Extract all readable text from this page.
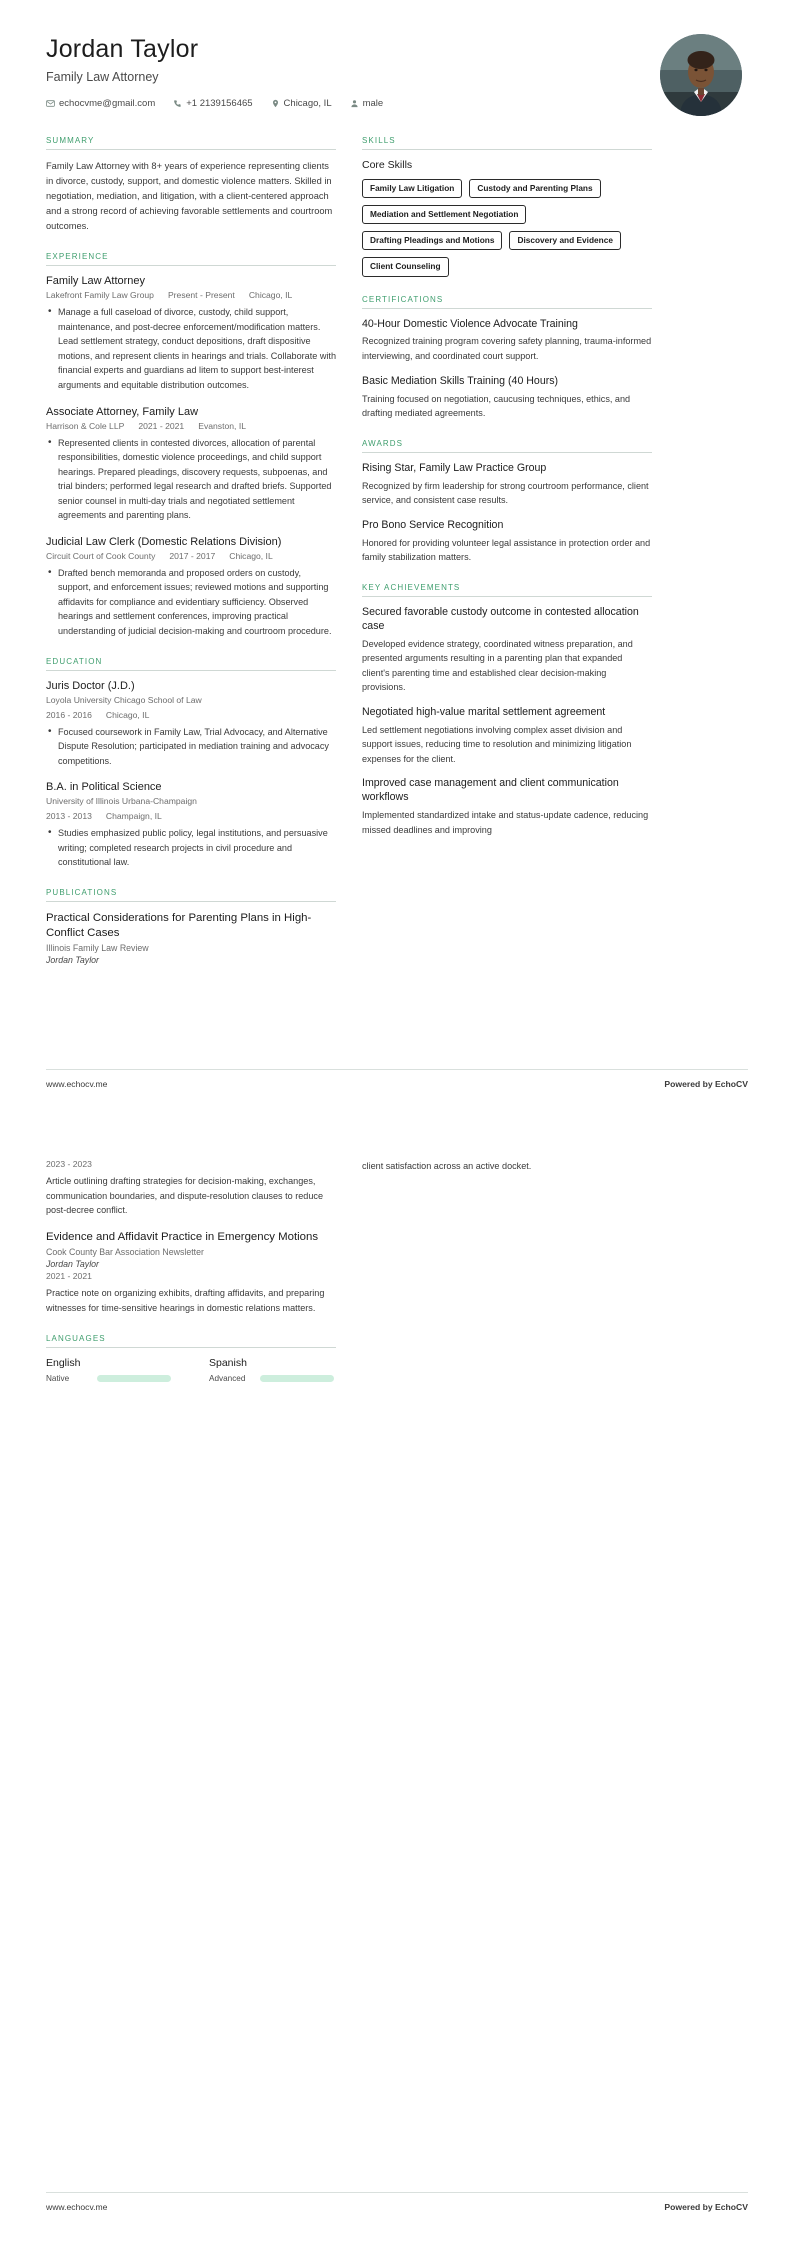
Jordan Taylor
Family Law Attorney
echocvme@gmail.com	+1 2139156465	Chicago, IL	male
SUMMARY

Family Law Attorney with 8+ years of experience representing clients in divorce, custody, support, and domestic violence matters. Skilled in negotiation, mediation, and litigation, with a client-centered approach and a strong record of achieving favorable settlements and courtroom outcomes.

EXPERIENCE
Family Law Attorney
Lakefront Family Law Group Present - Present Chicago, IL
• Manage a full caseload of divorce, custody, child support, maintenance, and post-decree enforcement/modification matters. Lead settlement strategy, conduct depositions, draft dispositive motions, and represent clients in hearings and trials. Collaborate with financial experts and guardians ad litem to support best-interest arguments and equitable distribution outcomes.
Associate Attorney, Family Law
Harrison & Cole LLP 2021 - 2021 Evanston, IL
• Represented clients in contested divorces, allocation of parental responsibilities, domestic violence proceedings, and child support hearings. Prepared pleadings, discovery requests, subpoenas, and trial binders; performed legal research and drafted briefs. Supported senior counsel in multi-day trials and negotiated settlement agreements and parenting plans.
Judicial Law Clerk (Domestic Relations Division)
Circuit Court of Cook County 2017 - 2017 Chicago, IL
• Drafted bench memoranda and proposed orders on custody, support, and enforcement issues; reviewed motions and supporting affidavits for compliance and evidentiary sufficiency. Observed hearings and settlement conferences, improving practical understanding of judicial decision-making and courtroom procedure.
EDUCATION
Juris Doctor (J.D.)
Loyola University Chicago School of Law
2016 - 2016 Chicago, IL
• Focused coursework in Family Law, Trial Advocacy, and Alternative Dispute Resolution; participated in mediation training and advocacy competitions.
B.A. in Political Science
University of Illinois Urbana-Champaign
2013 - 2013 Champaign, IL
• Studies emphasized public policy, legal institutions, and persuasive writing; completed research projects in civil procedure and constitutional law.
PUBLICATIONS
Practical Considerations for Parenting Plans in High-Conflict Cases
Illinois Family Law Review
Jordan Taylor
SKILLS
Core Skills
Family Law Litigation	Custody and Parenting Plans
Mediation and Settlement Negotiation
Drafting Pleadings and Motions	Discovery and Evidence
Client Counseling
CERTIFICATIONS
40-Hour Domestic Violence Advocate Training

Recognized training program covering safety planning, trauma-informed interviewing, and coordinated court support.

Basic Mediation Skills Training (40 Hours)

Training focused on negotiation, caucusing techniques, ethics, and drafting mediated agreements.

AWARDS
Rising Star, Family Law Practice Group

Recognized by firm leadership for strong courtroom performance, client service, and consistent case results.

Pro Bono Service Recognition

Honored for providing volunteer legal assistance in protection order and family stabilization matters.

KEY ACHIEVEMENTS
Secured favorable custody outcome in contested allocation case

Developed evidence strategy, coordinated witness preparation, and presented arguments resulting in a parenting plan that expanded client's parenting time and established clear decision-making provisions.

Negotiated high-value marital settlement agreement

Led settlement negotiations involving complex asset division and support issues, reducing time to resolution and minimizing litigation expenses for the client.

Improved case management and client communication workflows

Implemented standardized intake and status-update cadence, reducing missed deadlines and improving

www.echocv.me	Powered by EchoCV
2023 - 2023

Article outlining drafting strategies for decision-making, exchanges, communication boundaries, and dispute-resolution clauses to reduce post-decree conflict.

Evidence and Affidavit Practice in Emergency Motions
Cook County Bar Association Newsletter
Jordan Taylor
2021 - 2021

Practice note on organizing exhibits, drafting affidavits, and preparing witnesses for time-sensitive hearings in domestic relations matters.

LANGUAGES
English
Native
Spanish
Advanced

client satisfaction across an active docket.

www.echocv.me	Powered by EchoCV
